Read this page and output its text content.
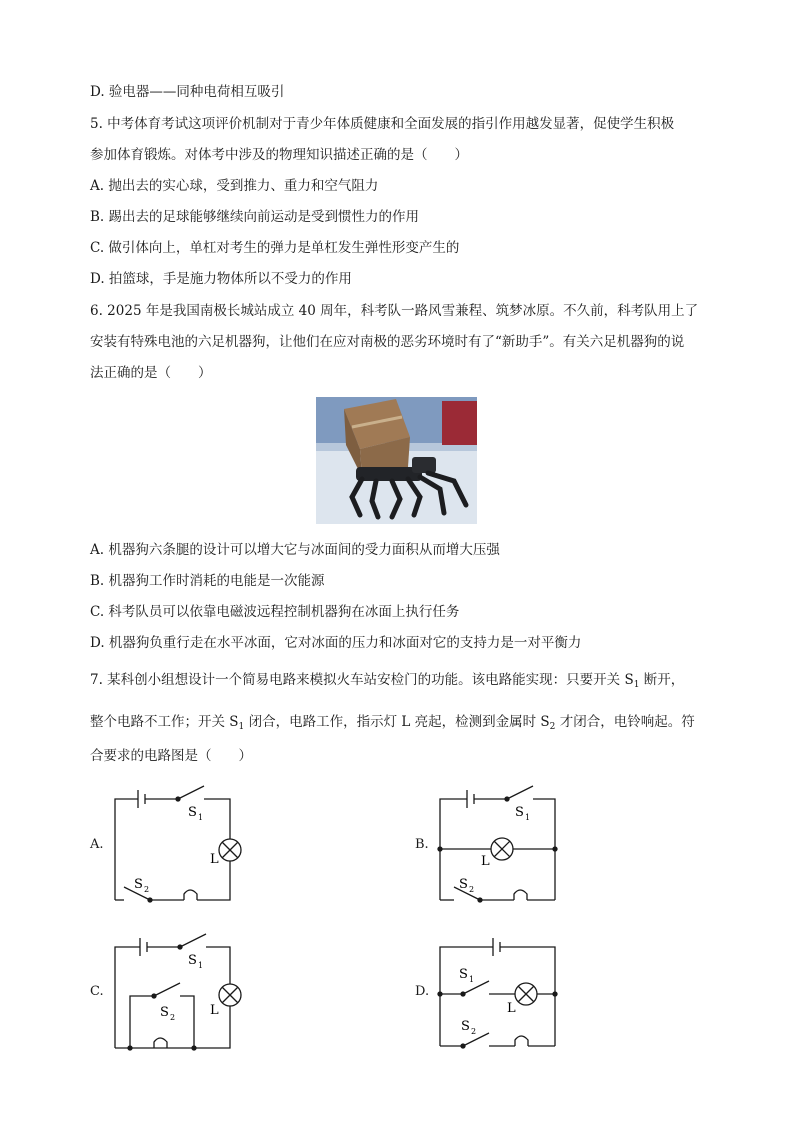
D. 验电器——同种电荷相互吸引
5. 中考体育考试这项评价机制对于青少年体质健康和全面发展的指引作用越发显著，促使学生积极
参加体育锻炼。对体考中涉及的物理知识描述正确的是（　　）
A. 抛出去的实心球，受到推力、重力和空气阻力
B. 踢出去的足球能够继续向前运动是受到惯性力的作用
C. 做引体向上，单杠对考生的弹力是单杠发生弹性形变产生的
D. 拍篮球，手是施力物体所以不受力的作用
6. 2025 年是我国南极长城站成立 40 周年，科考队一路风雪兼程、筑梦冰原。不久前，科考队用上了
安装有特殊电池的六足机器狗，让他们在应对南极的恶劣环境时有了“新助手”。有关六足机器狗的说
法正确的是（　　）
A. 机器狗六条腿的设计可以增大它与冰面间的受力面积从而增大压强
B. 机器狗工作时消耗的电能是一次能源
C. 科考队员可以依靠电磁波远程控制机器狗在冰面上执行任务
D. 机器狗负重行走在水平冰面，它对冰面的压力和冰面对它的支持力是一对平衡力
7. 某科创小组想设计一个简易电路来模拟火车站安检门的功能。该电路能实现：只要开关 $S_1$ 断开，
整个电路不工作；开关 $S_1$ 闭合，电路工作，指示灯 L 亮起，检测到金属时 $S_2$ 才闭合，电铃响起。符
合要求的电路图是（　　）
A.	B.
C.	D.
S 1
L
S 2
S 1
L
S 2
S 1
L
S 2
S 1
L
S 2
